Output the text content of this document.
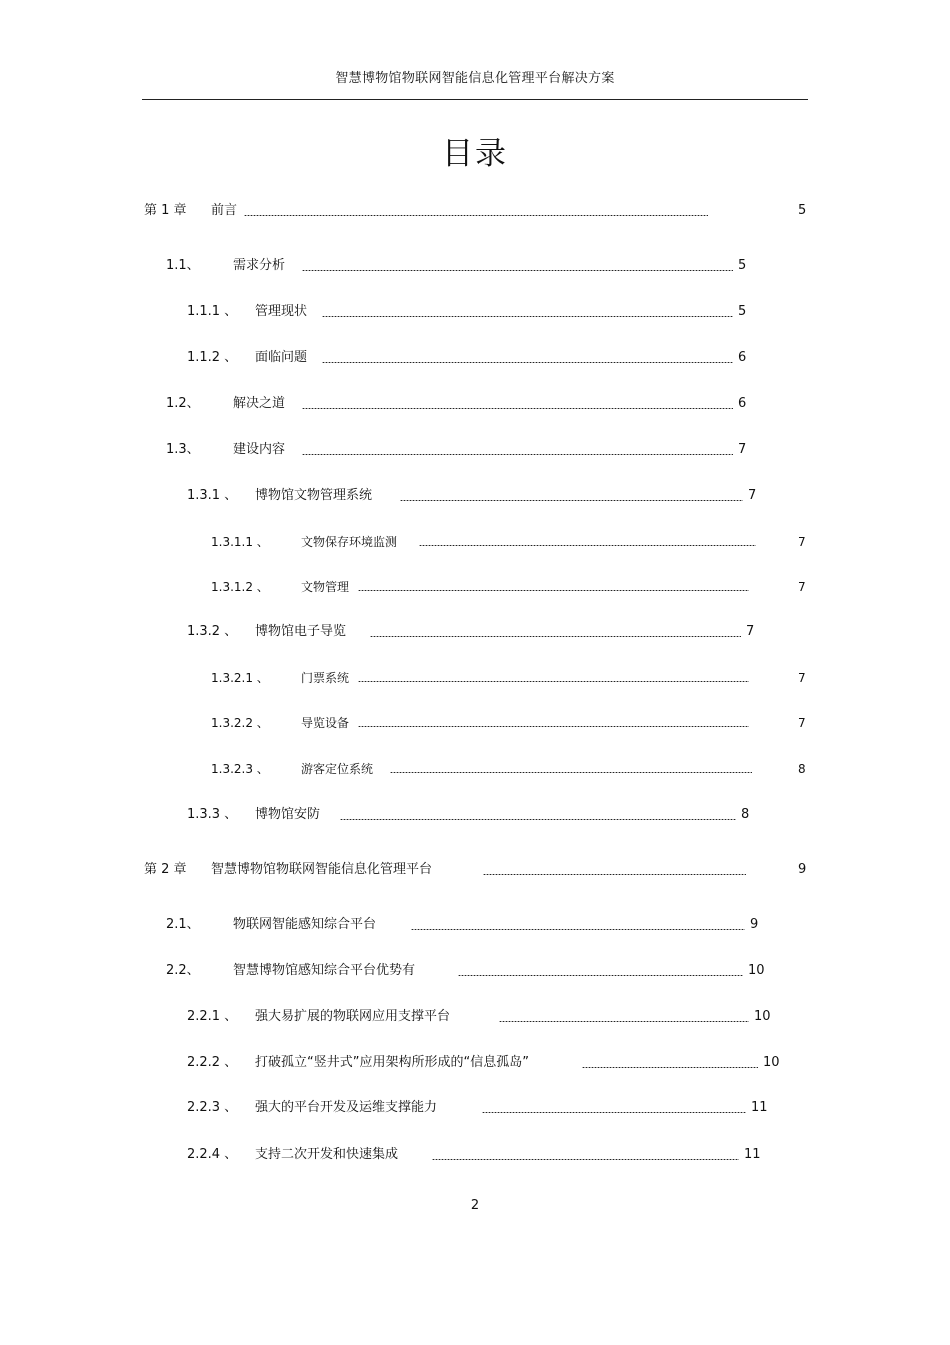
智慧博物馆物联网智能信息化管理平台解决方案
目录
第 1 章 前言	5
1.1、	需求分析	5
1.1.1 、 管理现状	5
1.1.2 、 面临问题	6
1.2、	解决之道	6
1.3、	建设内容	7
1.3.1 、 博物馆文物管理系统	7
1.3.1.1 、	文物保存环境监测	7
1.3.1.2 、	文物管理	7
1.3.2 、 博物馆电子导览	7
1.3.2.1 、	门票系统	7
1.3.2.2 、	导览设备	7
1.3.2.3 、	游客定位系统	8
1.3.3 、 博物馆安防	8
第 2 章 智慧博物馆物联网智能信息化管理平台	9
2.1、	物联网智能感知综合平台	9
2.2、	智慧博物馆感知综合平台优势有	10
2.2.1 、 强大易扩展的物联网应用支撑平台	10
2.2.2 、 打破孤立“竖井式”应用架构所形成的“信息孤岛”	10
2.2.3 、 强大的平台开发及运维支撑能力	11
2.2.4 、 支持二次开发和快速集成	11
2
